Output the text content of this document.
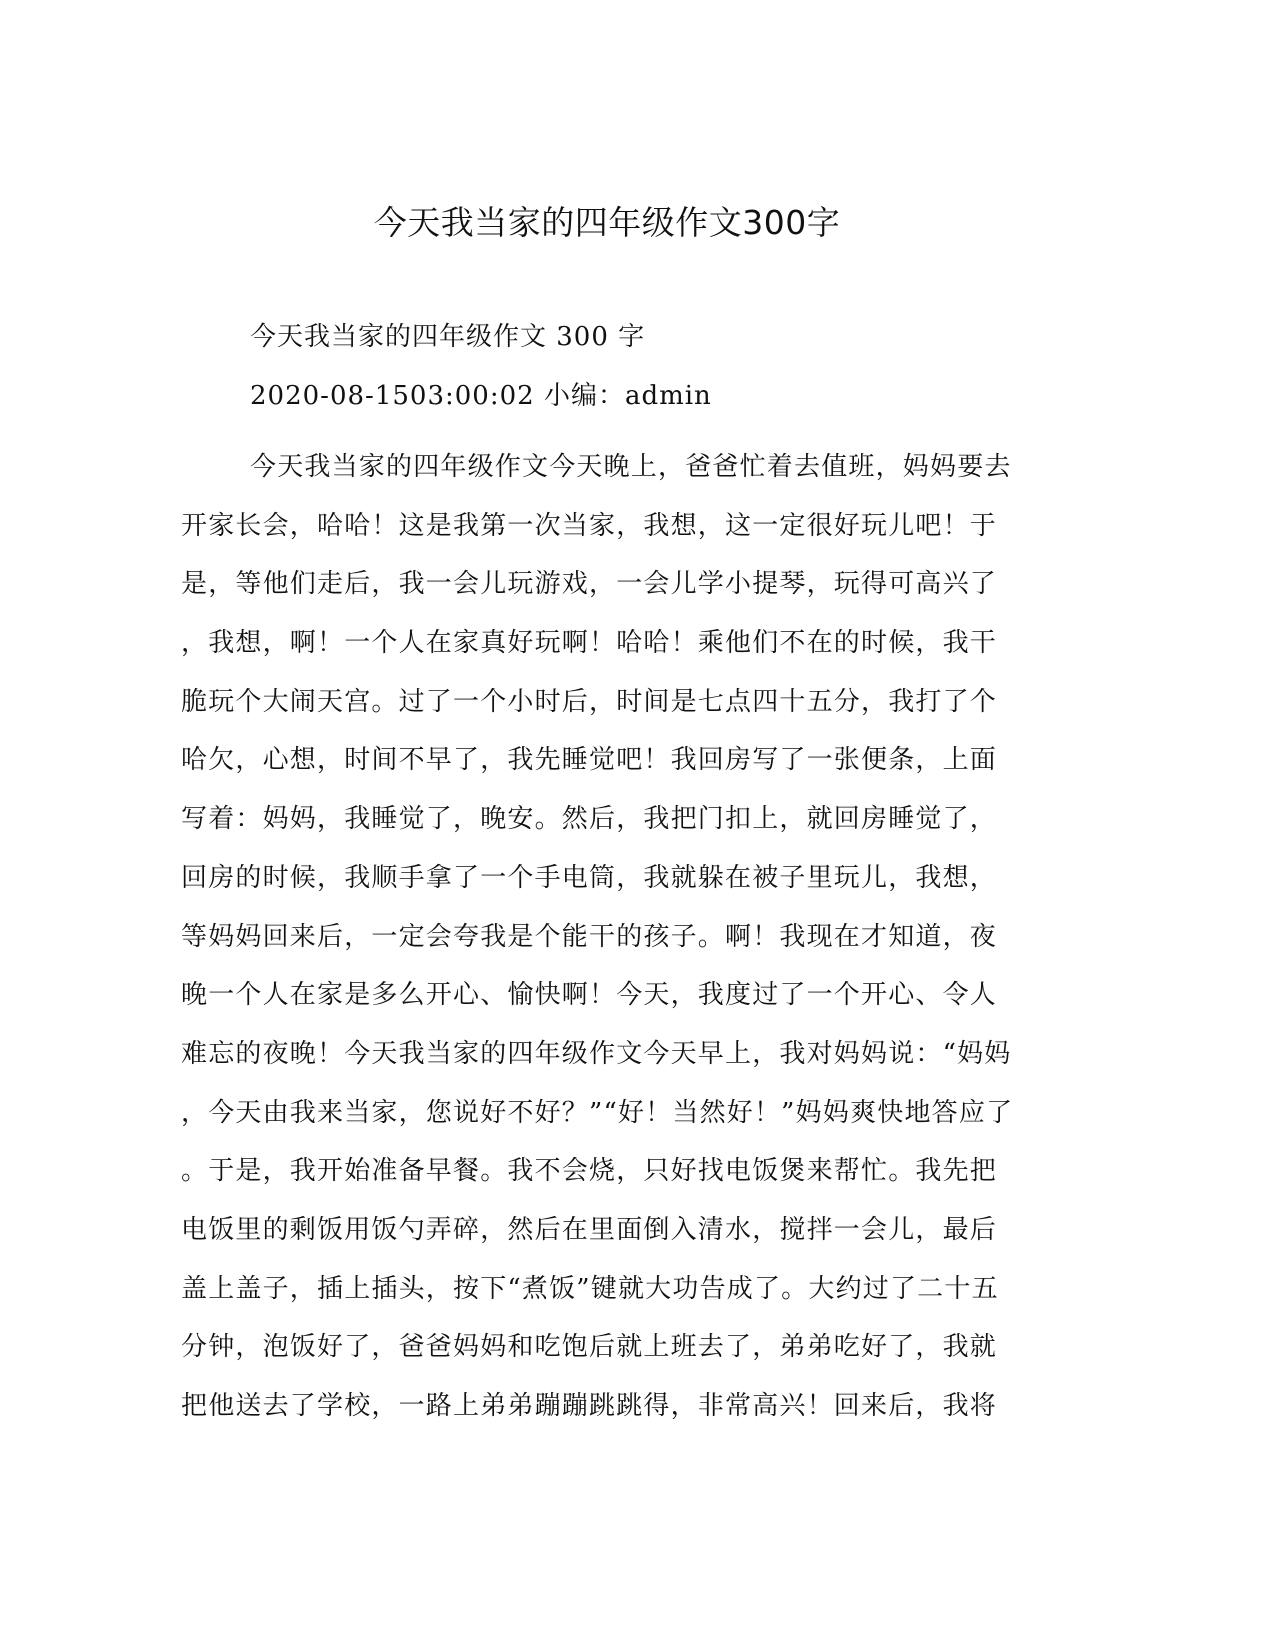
今天我当家的四年级作文300字
今天我当家的四年级作文 300 字
2020-08-1503:00:02 小编：admin
今天我当家的四年级作文今天晚上，爸爸忙着去值班，妈妈要去
开家长会，哈哈！这是我第一次当家，我想，这一定很好玩儿吧！于
是，等他们走后，我一会儿玩游戏，一会儿学小提琴，玩得可高兴了
，我想，啊！一个人在家真好玩啊！哈哈！乘他们不在的时候，我干
脆玩个大闹天宫。过了一个小时后，时间是七点四十五分，我打了个
哈欠，心想，时间不早了，我先睡觉吧！我回房写了一张便条，上面
写着：妈妈，我睡觉了，晚安。然后，我把门扣上，就回房睡觉了，
回房的时候，我顺手拿了一个手电筒，我就躲在被子里玩儿，我想，
等妈妈回来后，一定会夸我是个能干的孩子。啊！我现在才知道，夜
晚一个人在家是多么开心、愉快啊！今天，我度过了一个开心、令人
难忘的夜晚！今天我当家的四年级作文今天早上，我对妈妈说：“妈妈
，今天由我来当家，您说好不好？”“好！当然好！”妈妈爽快地答应了
。于是，我开始准备早餐。我不会烧，只好找电饭煲来帮忙。我先把
电饭里的剩饭用饭勺弄碎，然后在里面倒入清水，搅拌一会儿，最后
盖上盖子，插上插头，按下“煮饭”键就大功告成了。大约过了二十五
分钟，泡饭好了，爸爸妈妈和吃饱后就上班去了，弟弟吃好了，我就
把他送去了学校，一路上弟弟蹦蹦跳跳得，非常高兴！回来后，我将
